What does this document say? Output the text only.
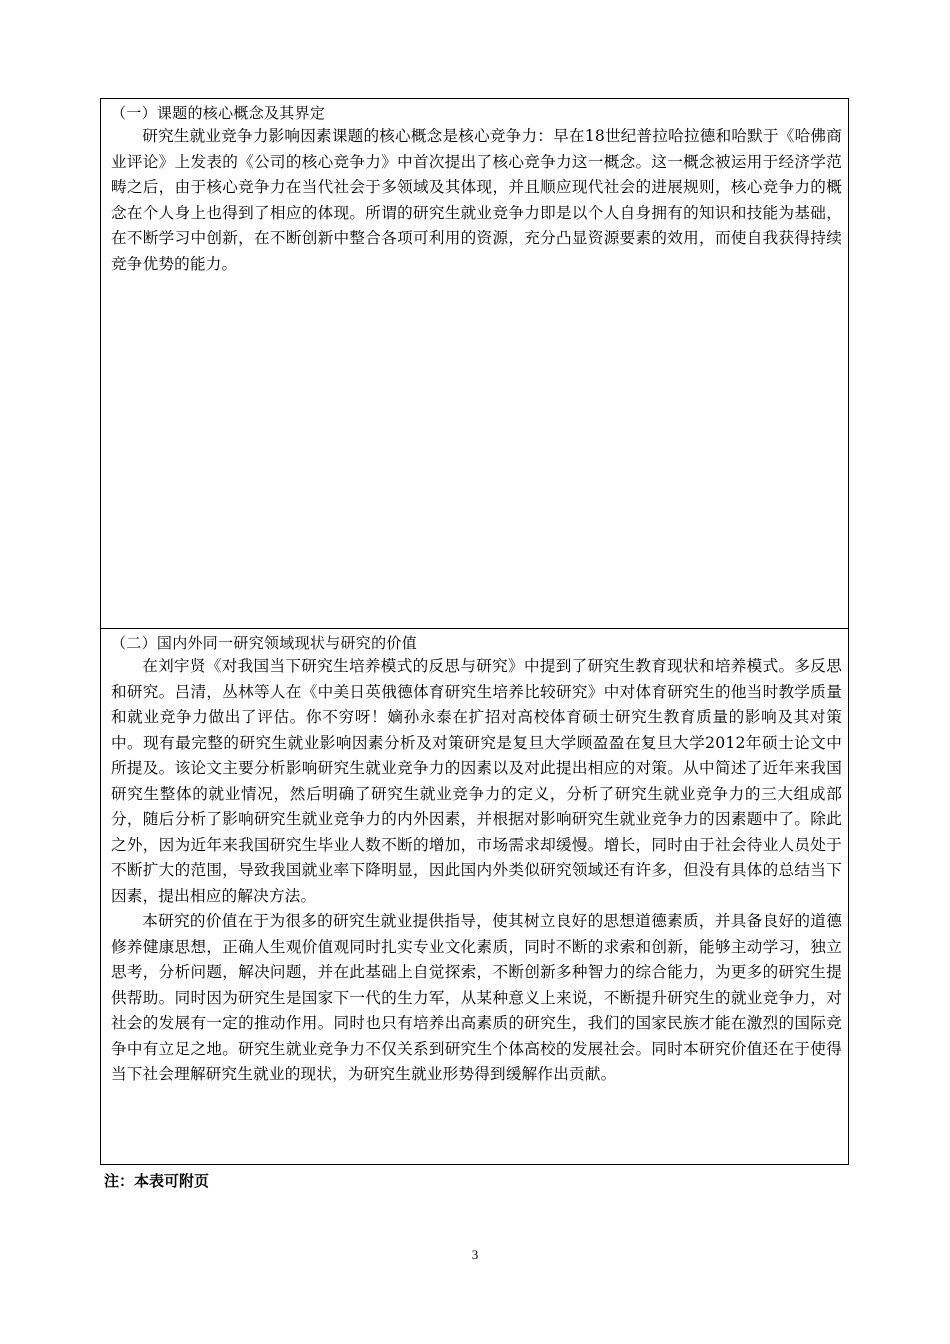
（一）课题的核心概念及其界定

研究生就业竞争力影响因素课题的核心概念是核心竞争力：早在18世纪普拉哈拉德和哈默于《哈佛商业评论》上发表的《公司的核心竞争力》中首次提出了核心竞争力这一概念。这一概念被运用于经济学范畴之后，由于核心竞争力在当代社会于多领域及其体现，并且顺应现代社会的进展规则，核心竞争力的概念在个人身上也得到了相应的体现。所谓的研究生就业竞争力即是以个人自身拥有的知识和技能为基础，在不断学习中创新，在不断创新中整合各项可利用的资源，充分凸显资源要素的效用，而使自我获得持续竞争优势的能力。

（二）国内外同一研究领域现状与研究的价值

在刘宇贤《对我国当下研究生培养模式的反思与研究》中提到了研究生教育现状和培养模式。多反思和研究。吕清，丛林等人在《中美日英俄德体育研究生培养比较研究》中对体育研究生的他当时教学质量和就业竞争力做出了评估。你不穷呀！嫡孙永泰在扩招对高校体育硕士研究生教育质量的影响及其对策中。现有最完整的研究生就业影响因素分析及对策研究是复旦大学顾盈盈在复旦大学2012年硕士论文中所提及。该论文主要分析影响研究生就业竞争力的因素以及对此提出相应的对策。从中简述了近年来我国研究生整体的就业情况，然后明确了研究生就业竞争力的定义，分析了研究生就业竞争力的三大组成部分，随后分析了影响研究生就业竞争力的内外因素，并根据对影响研究生就业竞争力的因素题中了。除此之外，因为近年来我国研究生毕业人数不断的增加，市场需求却缓慢。增长，同时由于社会待业人员处于不断扩大的范围，导致我国就业率下降明显，因此国内外类似研究领域还有许多，但没有具体的总结当下因素，提出相应的解决方法。

本研究的价值在于为很多的研究生就业提供指导，使其树立良好的思想道德素质，并具备良好的道德修养健康思想，正确人生观价值观同时扎实专业文化素质，同时不断的求索和创新，能够主动学习，独立思考，分析问题，解决问题，并在此基础上自觉探索，不断创新多种智力的综合能力，为更多的研究生提供帮助。同时因为研究生是国家下一代的生力军，从某种意义上来说，不断提升研究生的就业竞争力，对社会的发展有一定的推动作用。同时也只有培养出高素质的研究生，我们的国家民族才能在激烈的国际竞争中有立足之地。研究生就业竞争力不仅关系到研究生个体高校的发展社会。同时本研究价值还在于使得当下社会理解研究生就业的现状，为研究生就业形势得到缓解作出贡献。

注：本表可附页
3
